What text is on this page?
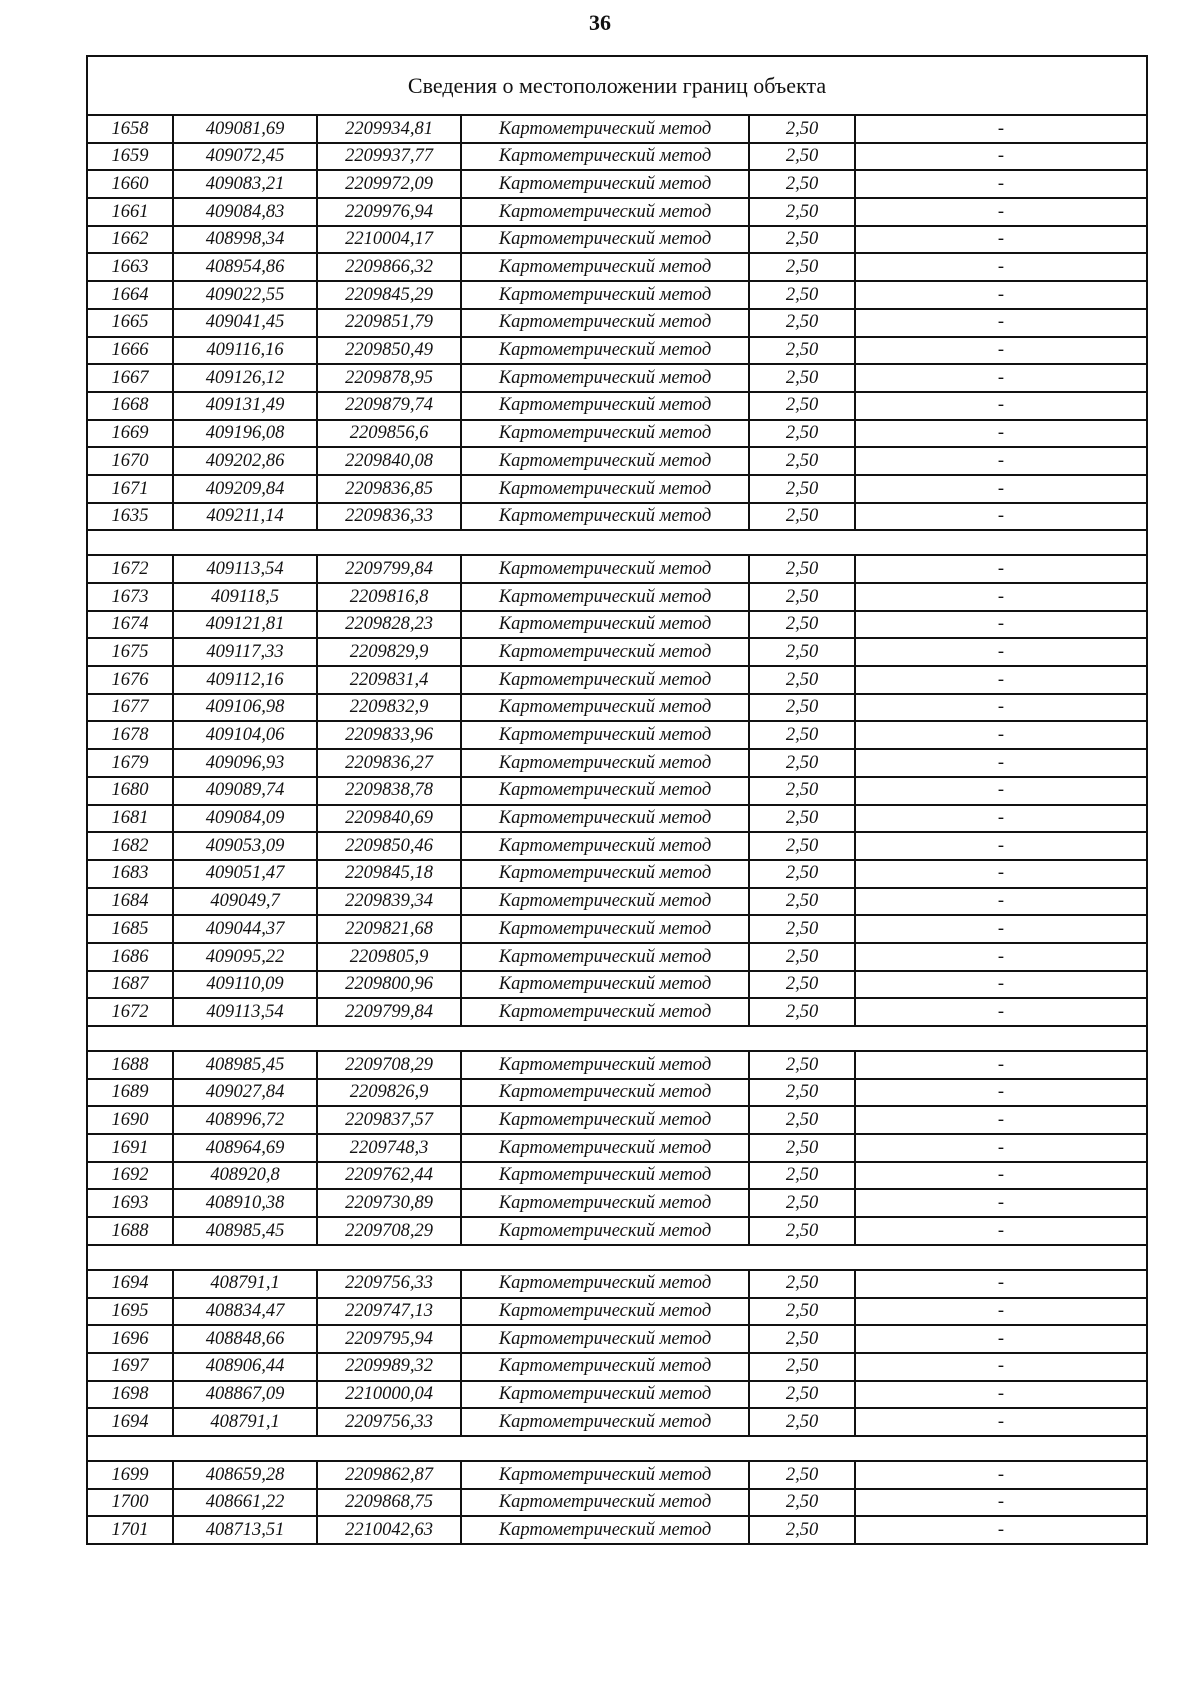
36
Сведения о местоположении границ объекта					
1658	409081,69	2209934,81	Картометрический метод	2,50	-
1659	409072,45	2209937,77	Картометрический метод	2,50	-
1660	409083,21	2209972,09	Картометрический метод	2,50	-
1661	409084,83	2209976,94	Картометрический метод	2,50	-
1662	408998,34	2210004,17	Картометрический метод	2,50	-
1663	408954,86	2209866,32	Картометрический метод	2,50	-
1664	409022,55	2209845,29	Картометрический метод	2,50	-
1665	409041,45	2209851,79	Картометрический метод	2,50	-
1666	409116,16	2209850,49	Картометрический метод	2,50	-
1667	409126,12	2209878,95	Картометрический метод	2,50	-
1668	409131,49	2209879,74	Картометрический метод	2,50	-
1669	409196,08	2209856,6	Картометрический метод	2,50	-
1670	409202,86	2209840,08	Картометрический метод	2,50	-
1671	409209,84	2209836,85	Картометрический метод	2,50	-
1635	409211,14	2209836,33	Картометрический метод	2,50	-

1672	409113,54	2209799,84	Картометрический метод	2,50	-
1673	409118,5	2209816,8	Картометрический метод	2,50	-
1674	409121,81	2209828,23	Картометрический метод	2,50	-
1675	409117,33	2209829,9	Картометрический метод	2,50	-
1676	409112,16	2209831,4	Картометрический метод	2,50	-
1677	409106,98	2209832,9	Картометрический метод	2,50	-
1678	409104,06	2209833,96	Картометрический метод	2,50	-
1679	409096,93	2209836,27	Картометрический метод	2,50	-
1680	409089,74	2209838,78	Картометрический метод	2,50	-
1681	409084,09	2209840,69	Картометрический метод	2,50	-
1682	409053,09	2209850,46	Картометрический метод	2,50	-
1683	409051,47	2209845,18	Картометрический метод	2,50	-
1684	409049,7	2209839,34	Картометрический метод	2,50	-
1685	409044,37	2209821,68	Картометрический метод	2,50	-
1686	409095,22	2209805,9	Картометрический метод	2,50	-
1687	409110,09	2209800,96	Картометрический метод	2,50	-
1672	409113,54	2209799,84	Картометрический метод	2,50	-

1688	408985,45	2209708,29	Картометрический метод	2,50	-
1689	409027,84	2209826,9	Картометрический метод	2,50	-
1690	408996,72	2209837,57	Картометрический метод	2,50	-
1691	408964,69	2209748,3	Картометрический метод	2,50	-
1692	408920,8	2209762,44	Картометрический метод	2,50	-
1693	408910,38	2209730,89	Картометрический метод	2,50	-
1688	408985,45	2209708,29	Картометрический метод	2,50	-

1694	408791,1	2209756,33	Картометрический метод	2,50	-
1695	408834,47	2209747,13	Картометрический метод	2,50	-
1696	408848,66	2209795,94	Картометрический метод	2,50	-
1697	408906,44	2209989,32	Картометрический метод	2,50	-
1698	408867,09	2210000,04	Картометрический метод	2,50	-
1694	408791,1	2209756,33	Картометрический метод	2,50	-

1699	408659,28	2209862,87	Картометрический метод	2,50	-
1700	408661,22	2209868,75	Картометрический метод	2,50	-
1701	408713,51	2210042,63	Картометрический метод	2,50	-
